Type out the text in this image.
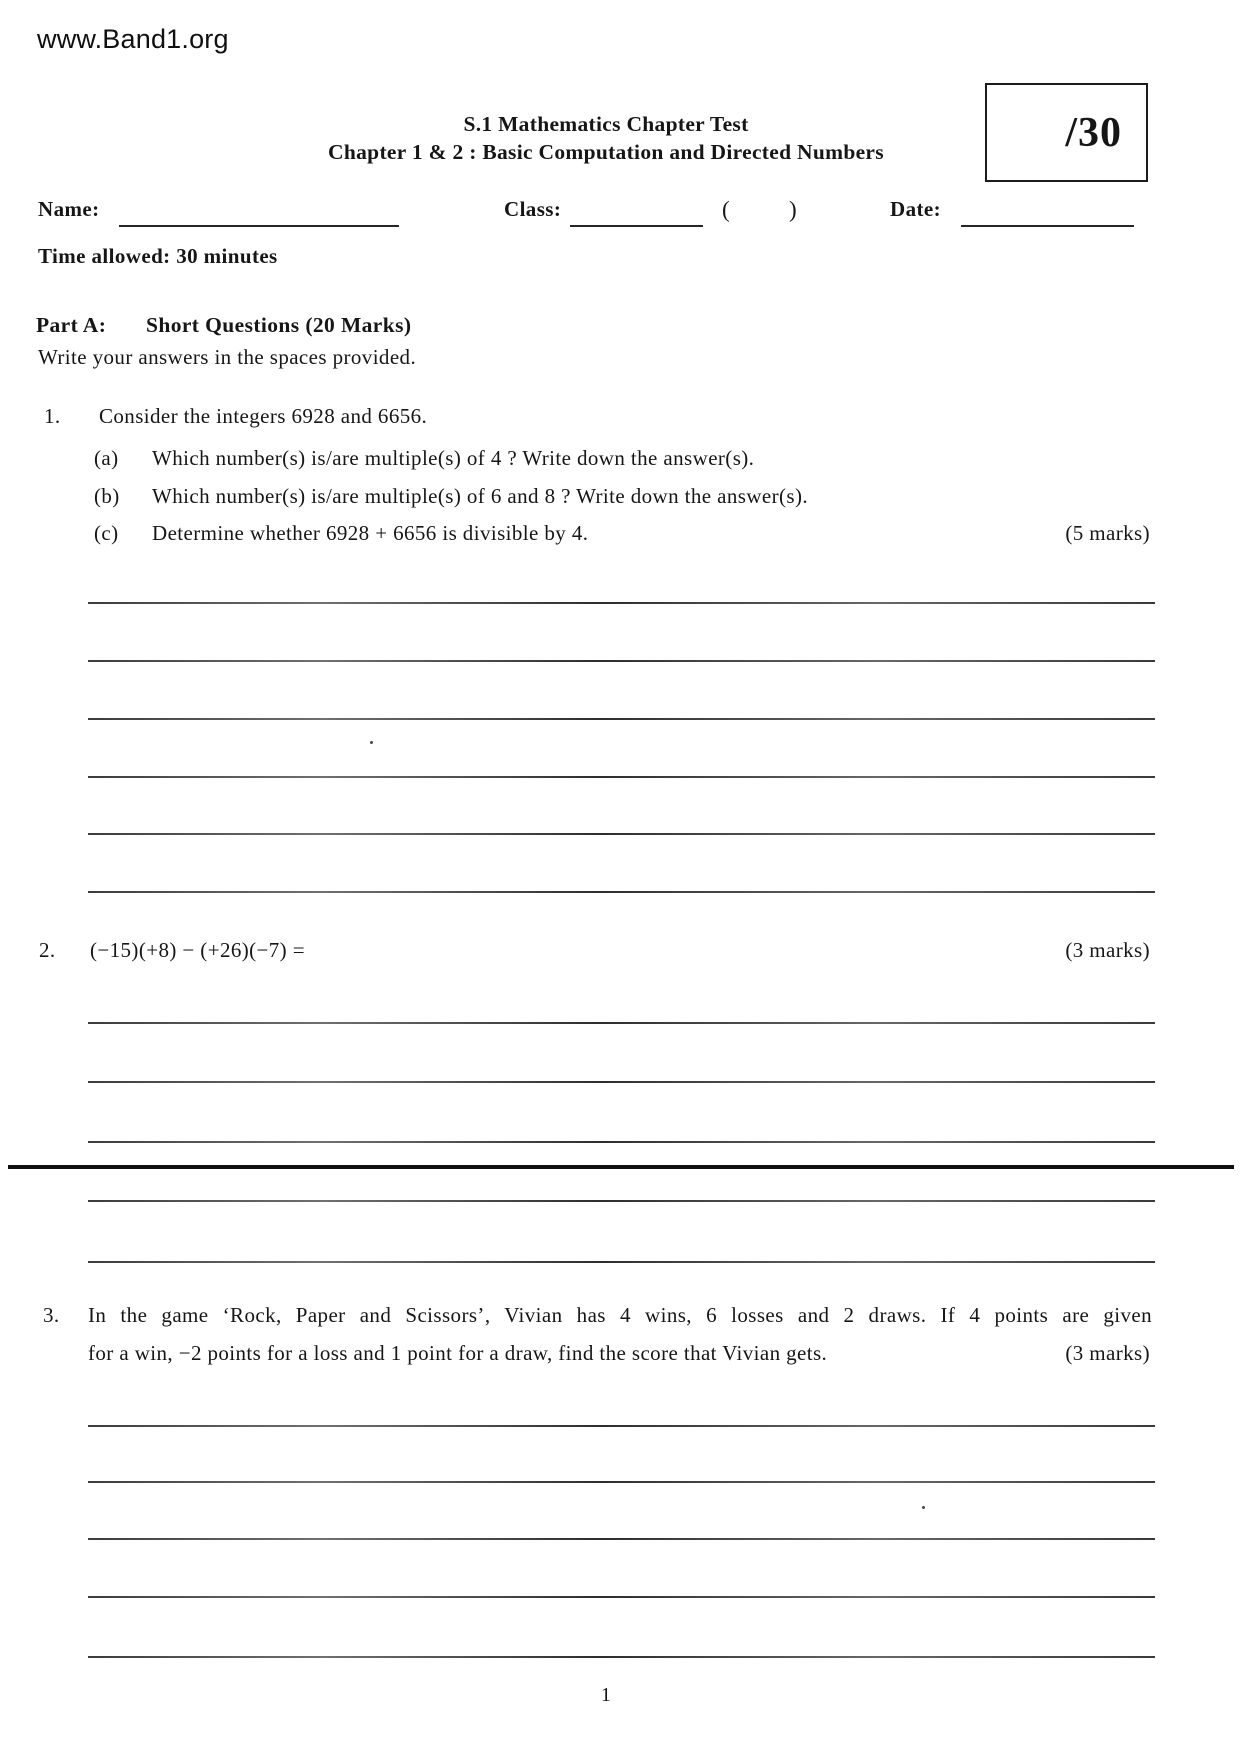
www.Band1.org
/30
S.1 Mathematics Chapter Test
Chapter 1 & 2 : Basic Computation and Directed Numbers
Name:	Class:	(	)	Date:
Time allowed: 30 minutes
Part A: Short Questions (20 Marks)
Write your answers in the spaces provided.
1. Consider the integers 6928 and 6656.
(a) Which number(s) is/are multiple(s) of 4 ? Write down the answer(s).
(b) Which number(s) is/are multiple(s) of 6 and 8 ? Write down the answer(s).
(c) Determine whether 6928 + 6656 is divisible by 4.	(5 marks)
2. (−15)(+8) − (+26)(−7) =	(3 marks)
3. In the game ‘Rock, Paper and Scissors’, Vivian has 4 wins, 6 losses and 2 draws. If 4 points are given
for a win, −2 points for a loss and 1 point for a draw, find the score that Vivian gets.	(3 marks)
1
